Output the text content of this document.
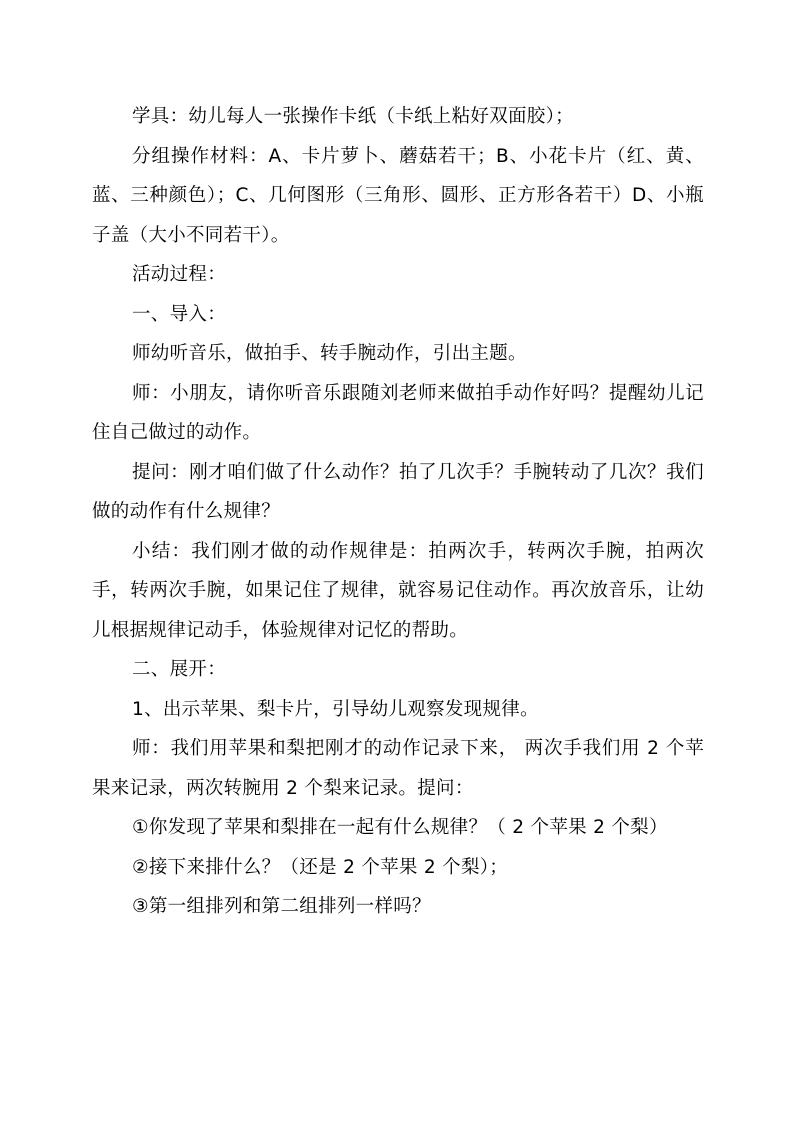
学具：幼儿每人一张操作卡纸（卡纸上粘好双面胶）；

分组操作材料：A、卡片萝卜、蘑菇若干；B、小花卡片（红、黄、蓝、三种颜色）；C、几何图形（三角形、圆形、正方形各若干）D、小瓶子盖（大小不同若干）。

活动过程：

一、导入：

师幼听音乐，做拍手、转手腕动作，引出主题。

师：小朋友，请你听音乐跟随刘老师来做拍手动作好吗？提醒幼儿记住自己做过的动作。

提问：刚才咱们做了什么动作？拍了几次手？手腕转动了几次？我们做的动作有什么规律？

小结：我们刚才做的动作规律是：拍两次手，转两次手腕，拍两次手，转两次手腕，如果记住了规律，就容易记住动作。再次放音乐，让幼儿根据规律记动手，体验规律对记忆的帮助。

二、展开：

1、出示苹果、梨卡片，引导幼儿观察发现规律。

师：我们用苹果和梨把刚才的动作记录下来， 两次手我们用 2 个苹果来记录，两次转腕用 2 个梨来记录。提问：

①你发现了苹果和梨排在一起有什么规律？（ 2 个苹果 2 个梨）

②接下来排什么？（还是 2 个苹果 2 个梨）；

③第一组排列和第二组排列一样吗？
